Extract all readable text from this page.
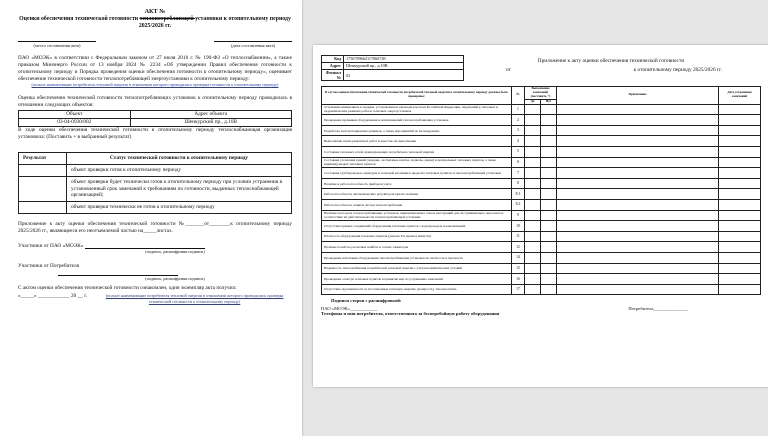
АКТ №
Оценки обеспечения технической готовности теплопотребляющей установки к отопительному периоду 2025/2026 гг.
(место составления акта)	(дата составления акта)

ПАО «МОЭК» в соответствии с Федеральным законом от 27 июля 2010 г. № 190-ФЗ «О теплоснабжении», а также приказом Минэнерго России от 13 ноября 2024 № 2234 «Об утверждении Правил обеспечения готовности к отопительному периоду и Порядка проведения оценки обеспечения готовности к отопительному периоду», оценивает обеспечение технической готовности теплопотребляющей энергоустановки к отопительному периоду:

(полное наименование потребителя тепловой энергии в отношении которого проводилась проверка готовности к отопительному периоду)

Оценка обеспечения технической готовности теплопотребляющих установок к отопительному периоду проводилась в отношении следующих объектов:

Объект	Адрес объекта
03-04-0930/002	Шенкурский пр., д.10В

В ходе оценки обеспечения технической готовности к отопительному периоду теплоснабжающая организация установила: (Поставить + в выбранный результат)

Результат	Статус технической готовности к отопительному периоду
	объект проверки готов к отопительному периоду
	объект проверки будет технически готов к отопительному периоду при условии устранения в установленный срок замечаний к требованиям по готовности, выданных теплоснабжающей организацией;
	объект проверки технически не готов к отопительному периоду

Приложение к акту оценки обеспечения технической готовности №_______от________к отопительному периоду 2025/2026 гг., являющееся его неотъемлемой частью на_____листах.

Участники от ПАО «МОЭК»
(подпись, расшифровка подписи)
Участники от Потребителя

(подпись, расшифровка подписи)

С актом оценки обеспечения технической готовности ознакомлен, один экземпляр акта получил:

«_____» ____________ 20 __ г.	(полное наименование потребителя тепловой энергии в отношении которого проводилась проверка технической готовности к отопительному периоду)
Код	1756789662117066749
Адрес	Шенкурский пр., д.10В
Филиал №	03
Приложение к акту оценки обеспечения технической готовности
от	к отопительному периоду 2025/2026 гг.
В случае оценки обеспечения технической готовности потребителей тепловой энергии к отопительному периоду должны быть проверены:	№	Выполнение замечаний (поставить +)		Примечание	Дата устранения замечаний
		Да	Нет		
Устранение выявленных в порядке, установленном законодательством Российской Федерации, нарушений в тепловых и гидравлических режимах работы тепловых энергоустановок	1				
Проведение промывки оборудования и коммуникаций теплопотребляющих установок	2				
Разработка эксплуатационных режимов, а также мероприятий по их внедрению	3				
Выполнение плана ремонтных работ и качество их выполнения	4				
Состояние тепловых сетей, принадлежащих потребителю тепловой энергии	5				
Состояние утепления зданий (чердаки, лестничные клетки, подвалы, двери) и центральных тепловых пунктов, а также индивидуальных тепловых пунктов	6				
Состояние трубопроводов, арматуры и тепловой изоляции в пределах тепловых пунктов и теплопотребляющей установки	7				
Наличие и работоспособность приборов учета	8				
Работоспособность автоматических регуляторов при их наличии	8.1				
Работоспособность защиты систем теплопотребления	8.2				
Наличие паспортов теплопотребляющих установок, принципиальных схем и инструкций для обслуживающего персонала и соответствие их действительности теплопотребляющей установки	9				
Отсутствие прямых соединений оборудования тепловых пунктов с водопроводом и канализацией	10				
Плотность оборудования тепловых пунктов (указать Р и время в минутах)	11				
Наличие пломб на расчетных шайбах и соплах элеваторов	12				
Проведение испытания оборудования теплопотребляющих установок на плотность и прочность	14				
Надежность теплоснабжения потребителей тепловой энергии с учетом климатических условий	15				
Проведение осмотра тепловых пунктов и принятие мер по устранению замечаний	16				
Отсутствие задолженности за поставленные тепловую энергию (мощность), теплоноситель	17				
Подписи сторон с расшифровкой:
ПАО «МОЭК»____________	Потребитель_______________
Телефоны и имя потребителя, ответственного за бесперебойную работу оборудования
